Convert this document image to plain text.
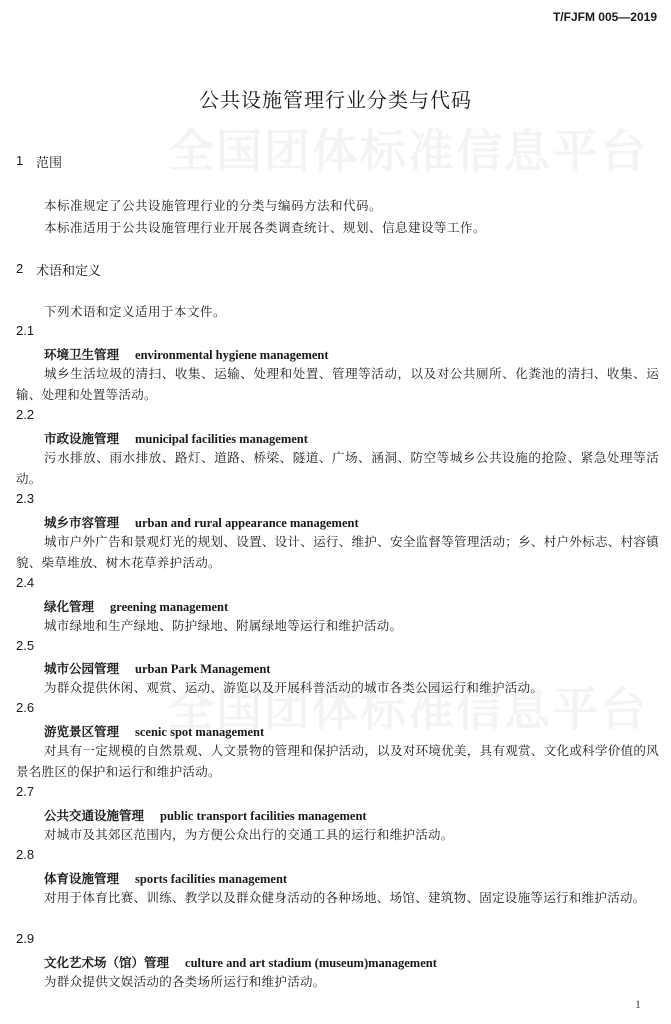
T/FJFM 005—2019
公共设施管理行业分类与代码
1 范围
本标准规定了公共设施管理行业的分类与编码方法和代码。
本标准适用于公共设施管理行业开展各类调查统计、规划、信息建设等工作。
2 术语和定义
下列术语和定义适用于本文件。
2.1
环境卫生管理 environmental hygiene management
城乡生活垃圾的清扫、收集、运输、处理和处置、管理等活动，以及对公共厕所、化粪池的清扫、收集、运输、处理和处置等活动。
2.2
市政设施管理 municipal facilities management
污水排放、雨水排放、路灯、道路、桥梁、隧道、广场、涵洞、防空等城乡公共设施的抢险、紧急处理等活动。
2.3
城乡市容管理 urban and rural appearance management
城市户外广告和景观灯光的规划、设置、设计、运行、维护、安全监督等管理活动；乡、村户外标志、村容镇貌、柴草堆放、树木花草养护活动。
2.4
绿化管理 greening management
城市绿地和生产绿地、防护绿地、附属绿地等运行和维护活动。
2.5
城市公园管理 urban Park Management
为群众提供休闲、观赏、运动、游览以及开展科普活动的城市各类公园运行和维护活动。
2.6
游览景区管理 scenic spot management
对具有一定规模的自然景观、人文景物的管理和保护活动，以及对环境优美，具有观赏、文化或科学价值的风景名胜区的保护和运行和维护活动。
2.7
公共交通设施管理 public transport facilities management
对城市及其郊区范围内，为方便公众出行的交通工具的运行和维护活动。
2.8
体育设施管理 sports facilities management
对用于体育比赛、训练、教学以及群众健身活动的各种场地、场馆、建筑物、固定设施等运行和维护活动。
2.9
文化艺术场（馆）管理 culture and art stadium (museum)management
为群众提供文娱活动的各类场所运行和维护活动。
1
